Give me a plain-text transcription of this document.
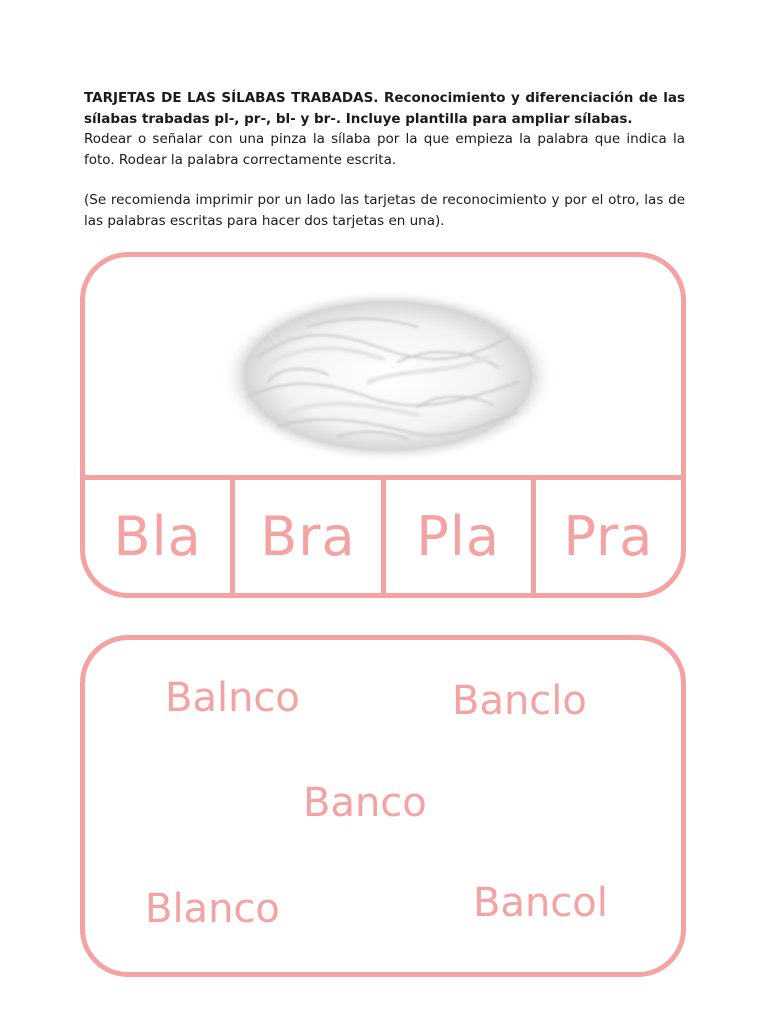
TARJETAS DE LAS SÍLABAS TRABADAS. Reconocimiento y diferenciación de las sílabas trabadas pl-, pr-, bl- y br-. Incluye plantilla para ampliar sílabas.

Rodear o señalar con una pinza la sílaba por la que empieza la palabra que indica la foto. Rodear la palabra correctamente escrita.

(Se recomienda imprimir por un lado las tarjetas de reconocimiento y por el otro, las de las palabras escritas para hacer dos tarjetas en una).

Bla	Bra	Pla	Pra
Balnco	Banclo
Banco
Blanco	Bancol
